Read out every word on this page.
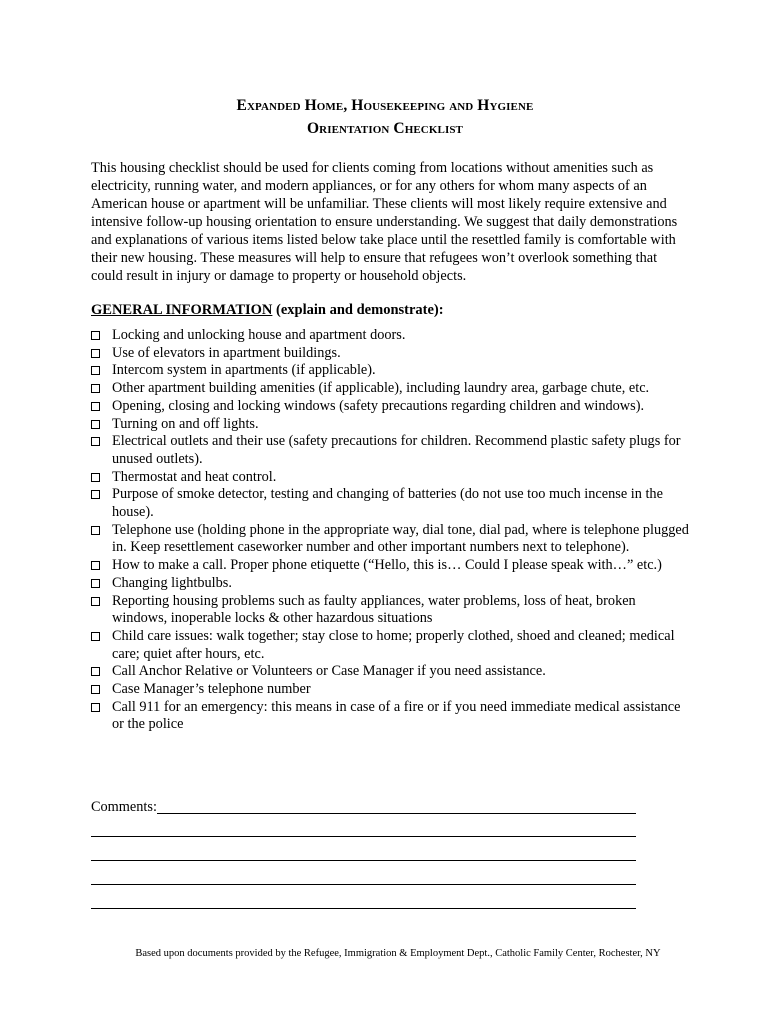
Expanded Home, Housekeeping and Hygiene
Orientation Checklist
This housing checklist should be used for clients coming from locations without amenities such as electricity, running water, and modern appliances, or for any others for whom many aspects of an American house or apartment will be unfamiliar. These clients will most likely require extensive and intensive follow-up housing orientation to ensure understanding. We suggest that daily demonstrations and explanations of various items listed below take place until the resettled family is comfortable with their new housing. These measures will help to ensure that refugees won’t overlook something that could result in injury or damage to property or household objects.
GENERAL INFORMATION (explain and demonstrate):
Locking and unlocking house and apartment doors.
Use of elevators in apartment buildings.
Intercom system in apartments (if applicable).
Other apartment building amenities (if applicable), including laundry area, garbage chute, etc.
Opening, closing and locking windows (safety precautions regarding children and windows).
Turning on and off lights.
Electrical outlets and their use (safety precautions for children. Recommend plastic safety plugs for unused outlets).
Thermostat and heat control.
Purpose of smoke detector, testing and changing of batteries (do not use too much incense in the house).
Telephone use (holding phone in the appropriate way, dial tone, dial pad, where is telephone plugged in. Keep resettlement caseworker number and other important numbers next to telephone).
How to make a call. Proper phone etiquette (“Hello, this is… Could I please speak with…” etc.)
Changing lightbulbs.
Reporting housing problems such as faulty appliances, water problems, loss of heat, broken windows, inoperable locks & other hazardous situations
Child care issues: walk together; stay close to home; properly clothed, shoed and cleaned; medical care; quiet after hours, etc.
Call Anchor Relative or Volunteers or Case Manager if you need assistance.
Case Manager’s telephone number
Call 911 for an emergency: this means in case of a fire or if you need immediate medical assistance or the police
Comments:
Based upon documents provided by the Refugee, Immigration & Employment Dept., Catholic Family Center, Rochester, NY
